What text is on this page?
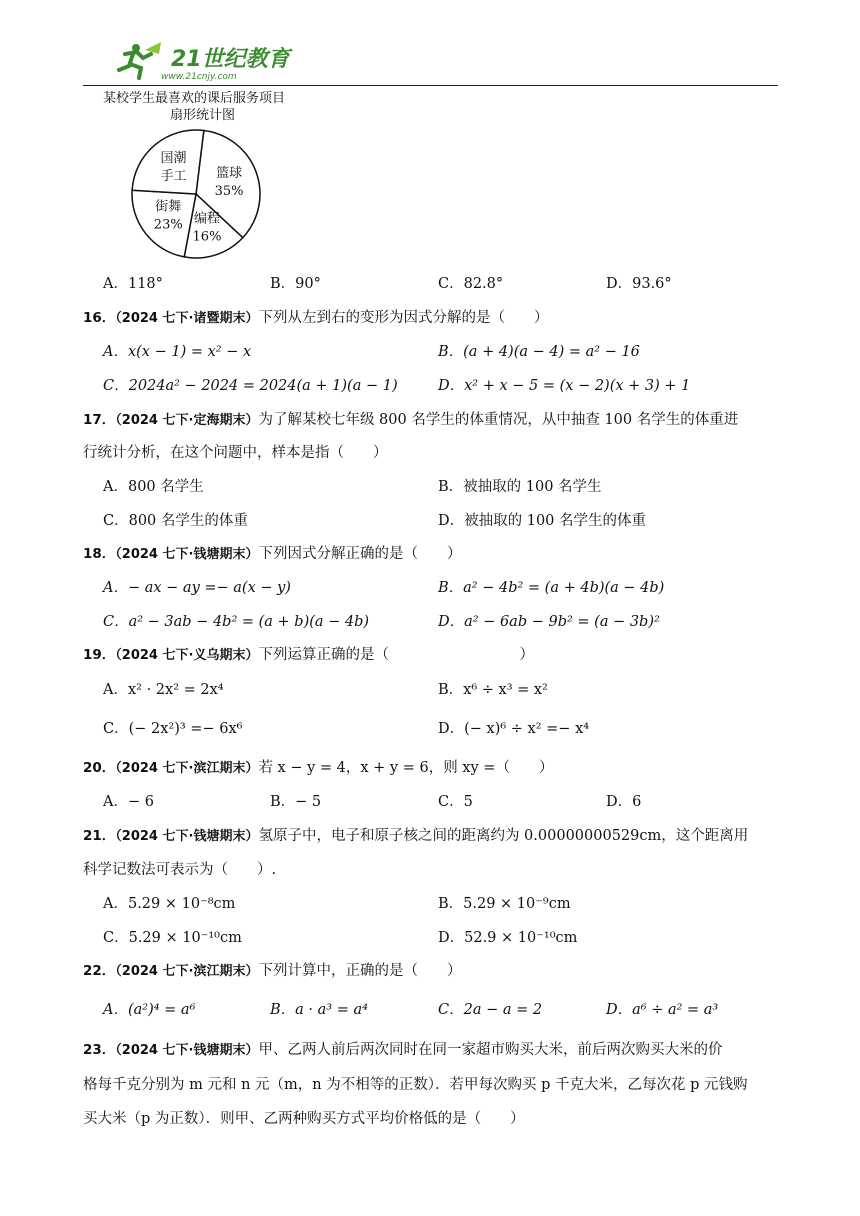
21世纪教育
www.21cnjy.com
某校学生最喜欢的课后服务项目
扇形统计图
篮球
35%
编程
16%
街舞
23%
国潮
手工
A．118°	B．90°	C．82.8°	D．93.6°
16．（2024 七下·诸暨期末）下列从左到右的变形为因式分解的是（　　）
A．x(x − 1) = x² − x	B．(a + 4)(a − 4) = a² − 16
C．2024a² − 2024 = 2024(a + 1)(a − 1)	D．x² + x − 5 = (x − 2)(x + 3) + 1
17．（2024 七下·定海期末）为了解某校七年级 800 名学生的体重情况，从中抽查 100 名学生的体重进
行统计分析，在这个问题中，样本是指（　　）
A．800 名学生	B．被抽取的 100 名学生
C．800 名学生的体重	D．被抽取的 100 名学生的体重
18．（2024 七下·钱塘期末）下列因式分解正确的是（　　）
A．− ax − ay =− a(x − y)	B．a² − 4b² = (a + 4b)(a − 4b)
C．a² − 3ab − 4b² = (a + b)(a − 4b)	D．a² − 6ab − 9b² = (a − 3b)²
19．（2024 七下·义乌期末）下列运算正确的是（　　　　　　　　　）
A．x² · 2x² = 2x⁴	B．x⁶ ÷ x³ = x²
C．(− 2x²)³ =− 6x⁶	D．(− x)⁶ ÷ x² =− x⁴
20．（2024 七下·滨江期末）若 x − y = 4，x + y = 6，则 xy =（　　）
A．− 6	B．− 5	C．5	D．6
21．（2024 七下·钱塘期末）氢原子中，电子和原子核之间的距离约为 0.00000000529cm，这个距离用
科学记数法可表示为（　　）.
A．5.29 × 10⁻⁸cm	B．5.29 × 10⁻⁹cm
C．5.29 × 10⁻¹⁰cm	D．52.9 × 10⁻¹⁰cm
22．（2024 七下·滨江期末）下列计算中，正确的是（　　）
A．(a²)⁴ = a⁶	B．a · a³ = a⁴	C．2a − a = 2	D．a⁶ ÷ a² = a³
23．（2024 七下·钱塘期末）甲、乙两人前后两次同时在同一家超市购买大米，前后两次购买大米的价
格每千克分别为 m 元和 n 元（m，n 为不相等的正数）．若甲每次购买 p 千克大米，乙每次花 p 元钱购
买大米（p 为正数）．则甲、乙两种购买方式平均价格低的是（　　）
